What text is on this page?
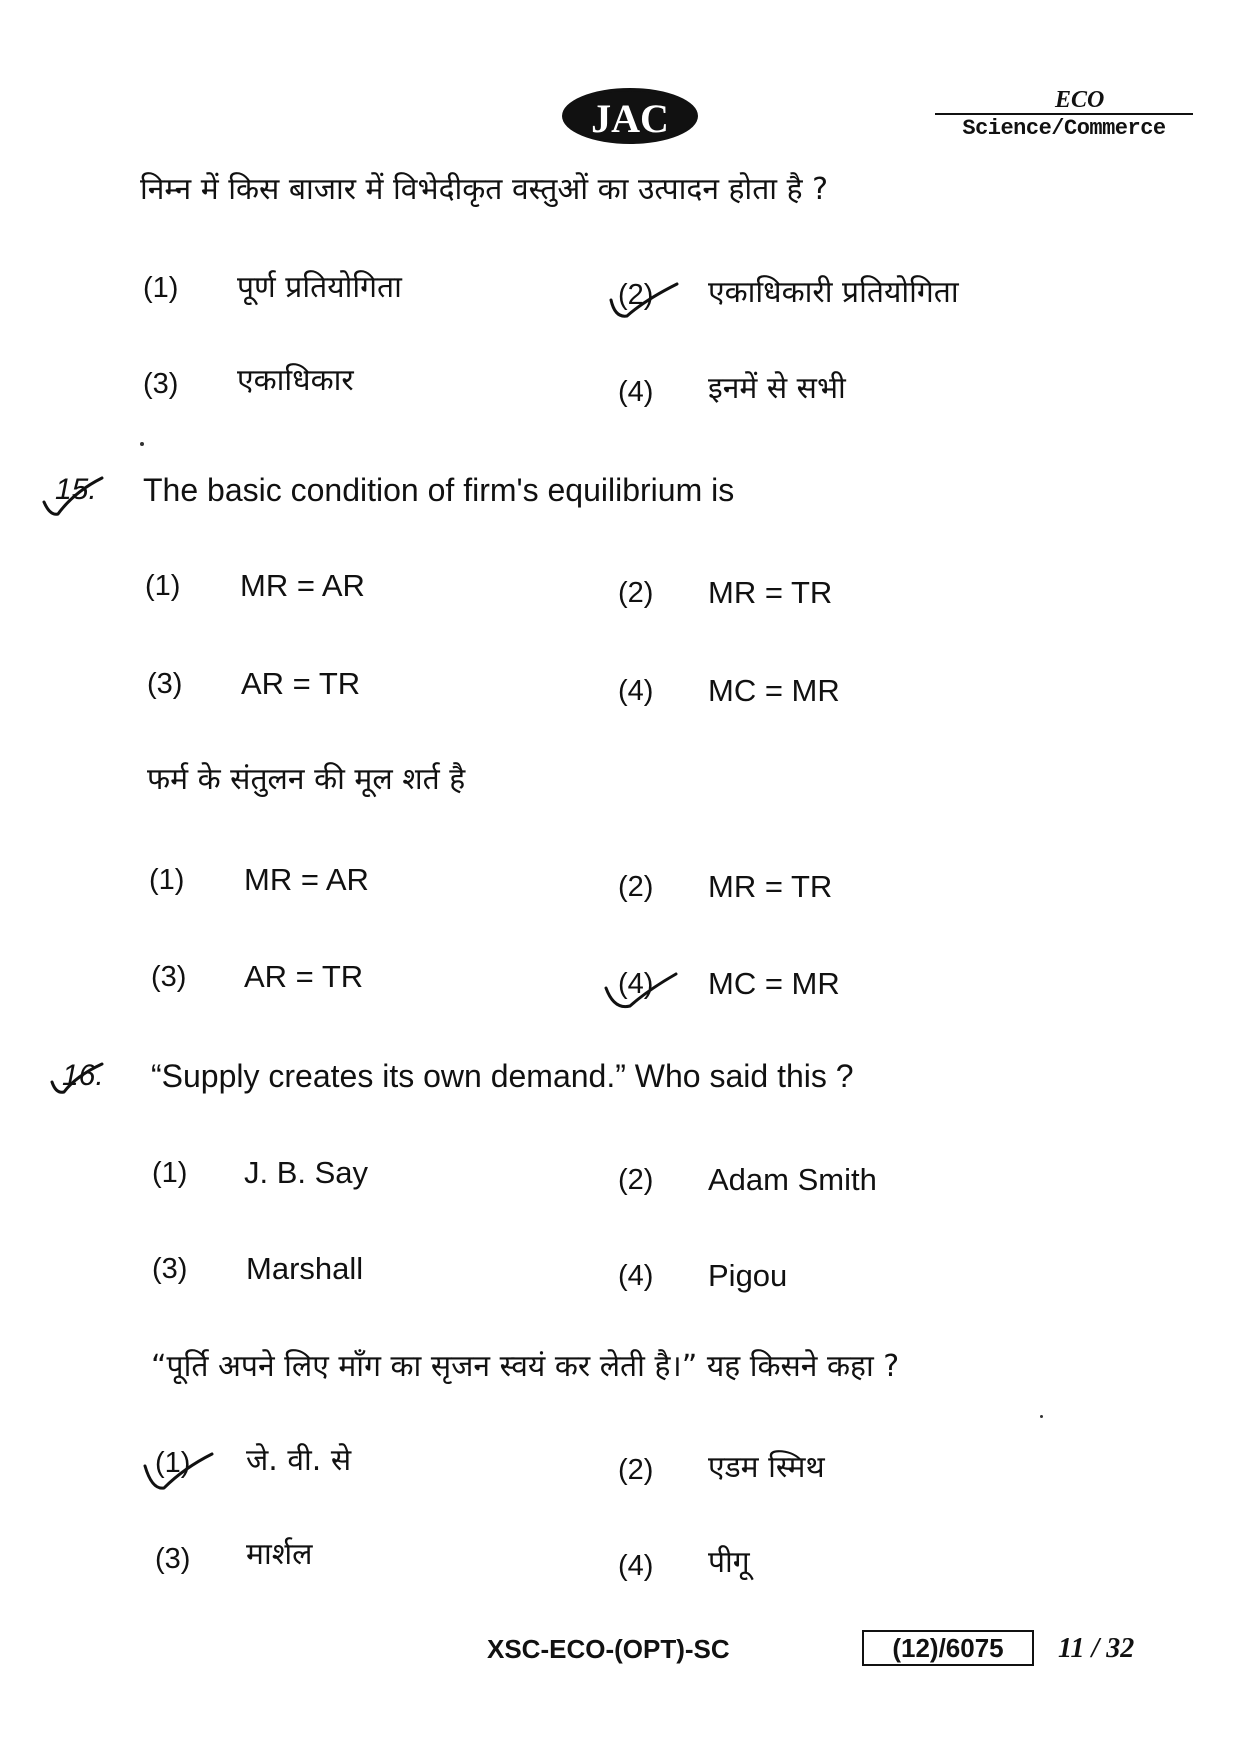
JAC	ECO
Science/Commerce
निम्न में किस बाजार में विभेदीकृत वस्तुओं का उत्पादन होता है ?
(1) पूर्ण प्रतियोगिता	(2) एकाधिकारी प्रतियोगिता
(3) एकाधिकार	(4) इनमें से सभी
15. The basic condition of firm's equilibrium is
(1) MR = AR	(2) MR = TR
(3) AR = TR	(4) MC = MR
फर्म के संतुलन की मूल शर्त है
(1) MR = AR	(2) MR = TR
(3) AR = TR	(4) MC = MR
16. “Supply creates its own demand.” Who said this ?
(1) J. B. Say	(2) Adam Smith
(3) Marshall	(4) Pigou
“पूर्ति अपने लिए माँग का सृजन स्वयं कर लेती है।” यह किसने कहा ?
(1) जे. वी. से	(2) एडम स्मिथ
(3) मार्शल	(4) पीगू
XSC-ECO-(OPT)-SC	(12)/6075	11 / 32
